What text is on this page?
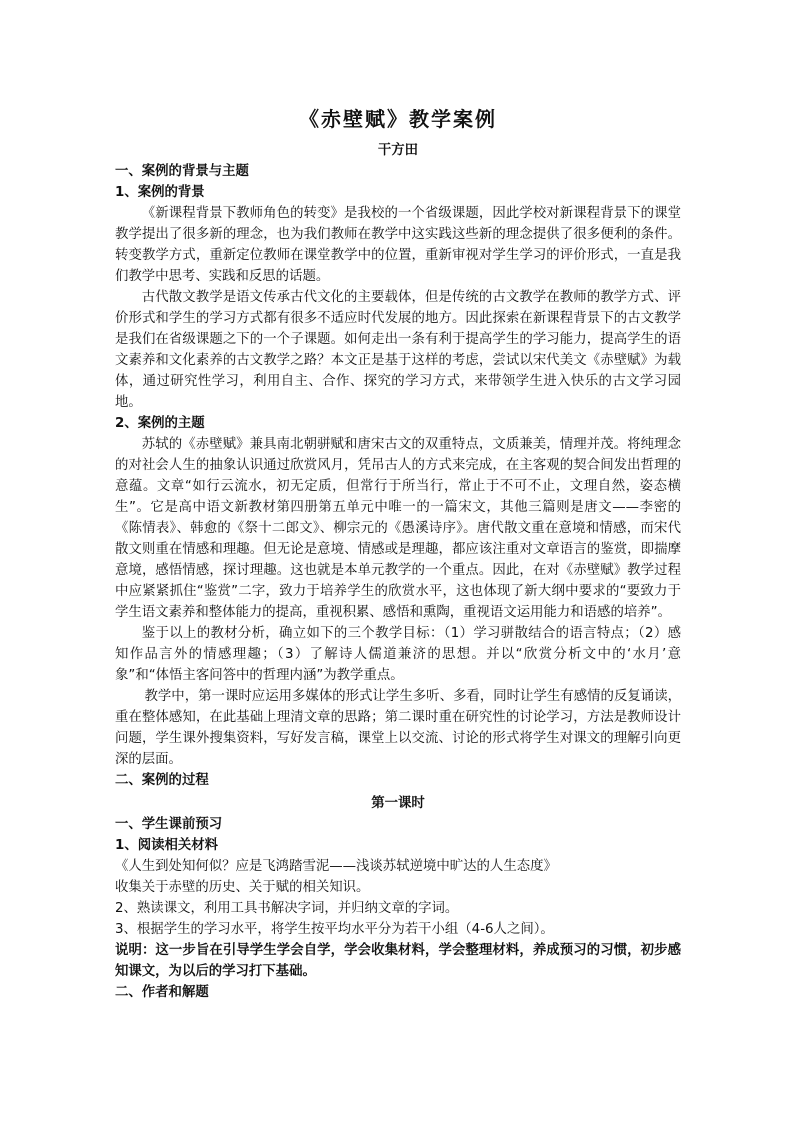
《赤壁赋》教学案例

干方田

一、案例的背景与主题

1、案例的背景

《新课程背景下教师角色的转变》是我校的一个省级课题，因此学校对新课程背景下的课堂教学提出了很多新的理念，也为我们教师在教学中这实践这些新的理念提供了很多便利的条件。转变教学方式，重新定位教师在课堂教学中的位置，重新审视对学生学习的评价形式，一直是我们教学中思考、实践和反思的话题。

古代散文教学是语文传承古代文化的主要载体，但是传统的古文教学在教师的教学方式、评价形式和学生的学习方式都有很多不适应时代发展的地方。因此探索在新课程背景下的古文教学是我们在省级课题之下的一个子课题。如何走出一条有利于提高学生的学习能力，提高学生的语文素养和文化素养的古文教学之路？本文正是基于这样的考虑，尝试以宋代美文《赤壁赋》为载体，通过研究性学习，利用自主、合作、探究的学习方式，来带领学生进入快乐的古文学习园地。

2、案例的主题

苏轼的《赤壁赋》兼具南北朝骈赋和唐宋古文的双重特点，文质兼美，情理并茂。将纯理念的对社会人生的抽象认识通过欣赏风月，凭吊古人的方式来完成，在主客观的契合间发出哲理的意蕴。文章“如行云流水，初无定质，但常行于所当行，常止于不可不止，文理自然，姿态横生”。它是高中语文新教材第四册第五单元中唯一的一篇宋文，其他三篇则是唐文——李密的《陈情表》、韩愈的《祭十二郎文》、柳宗元的《愚溪诗序》。唐代散文重在意境和情感，而宋代散文则重在情感和理趣。但无论是意境、情感或是理趣，都应该注重对文章语言的鉴赏，即揣摩意境，感悟情感，探讨理趣。这也就是本单元教学的一个重点。因此，在对《赤壁赋》教学过程中应紧紧抓住“鉴赏”二字，致力于培养学生的欣赏水平，这也体现了新大纲中要求的“要致力于学生语文素养和整体能力的提高，重视积累、感悟和熏陶，重视语文运用能力和语感的培养”。

鉴于以上的教材分析，确立如下的三个教学目标：（1）学习骈散结合的语言特点；（2）感知作品言外的情感理趣；（3）了解诗人儒道兼济的思想。并以“欣赏分析文中的‘水月’意象”和“体悟主客问答中的哲理内涵”为教学重点。

教学中，第一课时应运用多媒体的形式让学生多听、多看，同时让学生有感情的反复诵读，重在整体感知，在此基础上理清文章的思路；第二课时重在研究性的讨论学习，方法是教师设计问题，学生课外搜集资料，写好发言稿，课堂上以交流、讨论的形式将学生对课文的理解引向更深的层面。

二、案例的过程

第一课时

一、学生课前预习

1、阅读相关材料

《人生到处知何似？应是飞鸿踏雪泥——浅谈苏轼逆境中旷达的人生态度》

收集关于赤壁的历史、关于赋的相关知识。

2、熟读课文，利用工具书解决字词，并归纳文章的字词。

3、根据学生的学习水平，将学生按平均水平分为若干小组（4-6人之间）。

说明：这一步旨在引导学生学会自学，学会收集材料，学会整理材料，养成预习的习惯，初步感知课文，为以后的学习打下基础。

二、作者和解题
